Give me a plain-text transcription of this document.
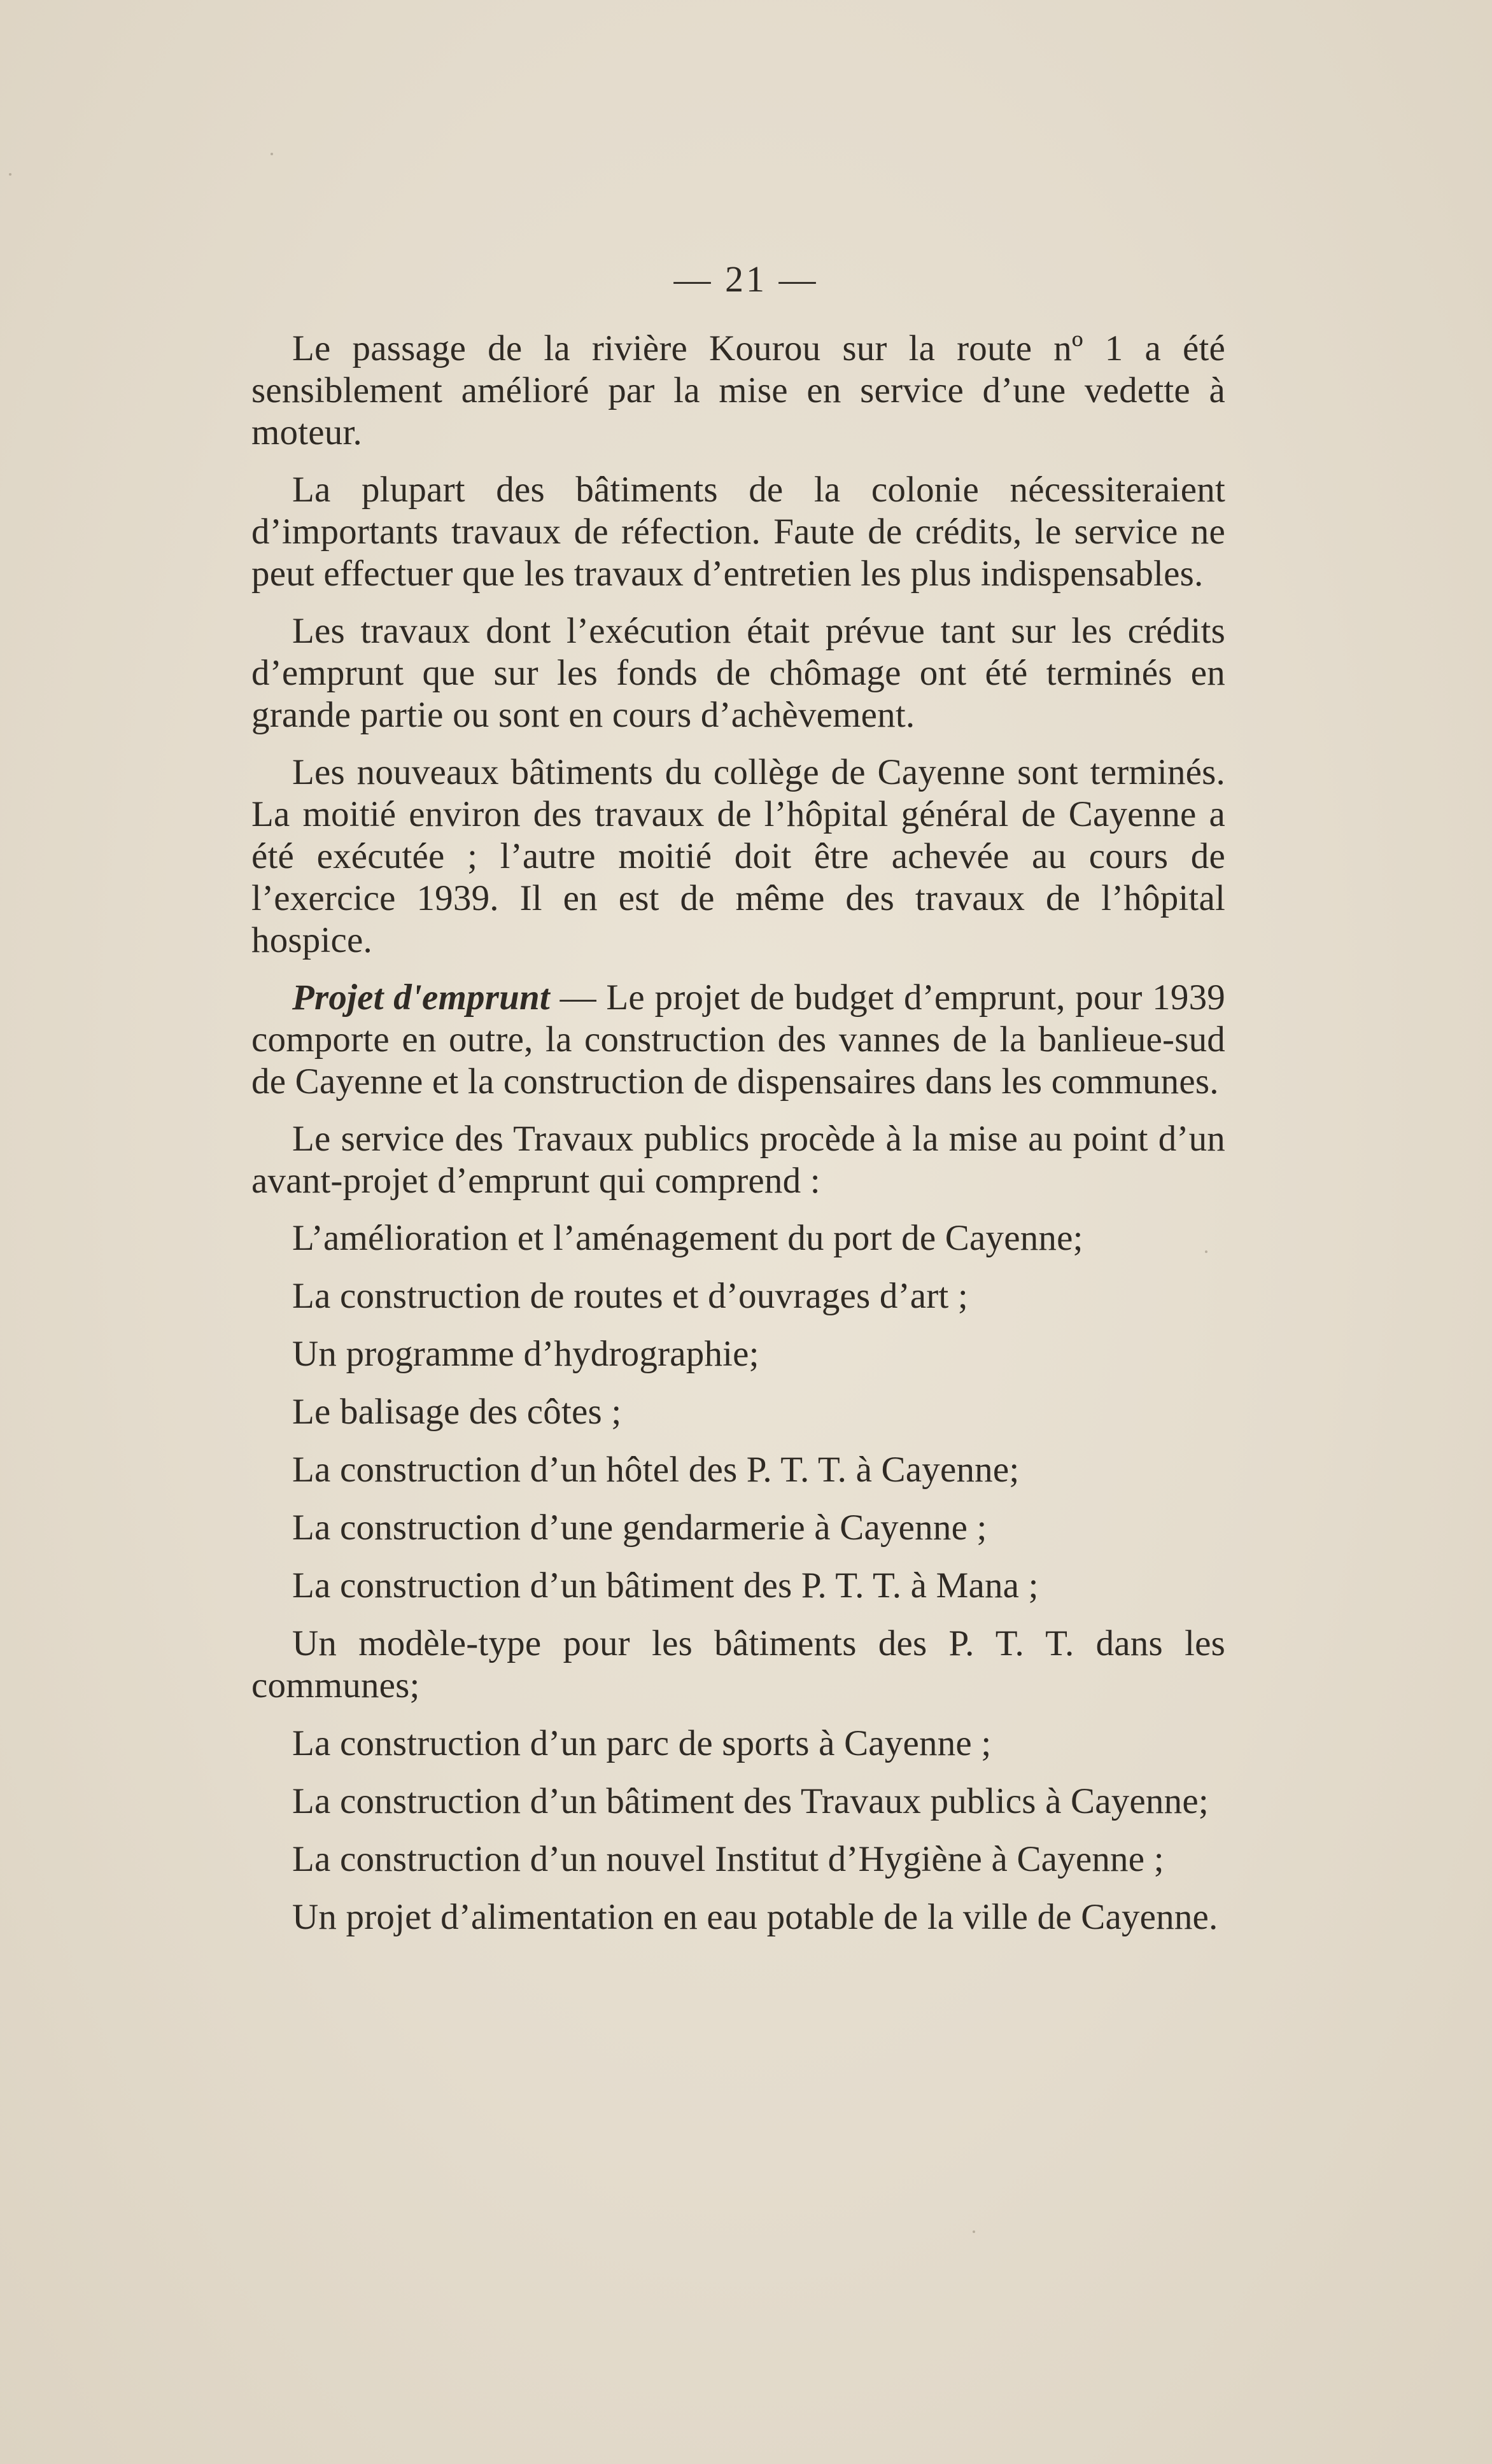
— 21 —

Le passage de la rivière Kourou sur la route nº 1 a été sensiblement amélioré par la mise en service d’une vedette à moteur.

La plupart des bâtiments de la colonie nécessiteraient d’importants travaux de réfection. Faute de crédits, le service ne peut effectuer que les travaux d’entretien les plus indispensables.

Les travaux dont l’exécution était prévue tant sur les crédits d’emprunt que sur les fonds de chômage ont été terminés en grande partie ou sont en cours d’achèvement.

Les nouveaux bâtiments du collège de Cayenne sont terminés. La moitié environ des travaux de l’hôpital général de Cayenne a été exécutée ; l’autre moitié doit être achevée au cours de l’exercice 1939. Il en est de même des travaux de l’hôpital hospice.

Projet d'emprunt — Le projet de budget d’emprunt, pour 1939 comporte en outre, la construction des vannes de la banlieue-sud de Cayenne et la construction de dispensaires dans les communes.

Le service des Travaux publics procède à la mise au point d’un avant-projet d’emprunt qui comprend :

L’amélioration et l’aménagement du port de Cayenne;

La construction de routes et d’ouvrages d’art ;

Un programme d’hydrographie;

Le balisage des côtes ;

La construction d’un hôtel des P. T. T. à Cayenne;

La construction d’une gendarmerie à Cayenne ;

La construction d’un bâtiment des P. T. T. à Mana ;

Un modèle-type pour les bâtiments des P. T. T. dans les communes;

La construction d’un parc de sports à Cayenne ;

La construction d’un bâtiment des Travaux publics à Cayenne;

La construction d’un nouvel Institut d’Hygiène à Cayenne ;

Un projet d’alimentation en eau potable de la ville de Cayenne.
